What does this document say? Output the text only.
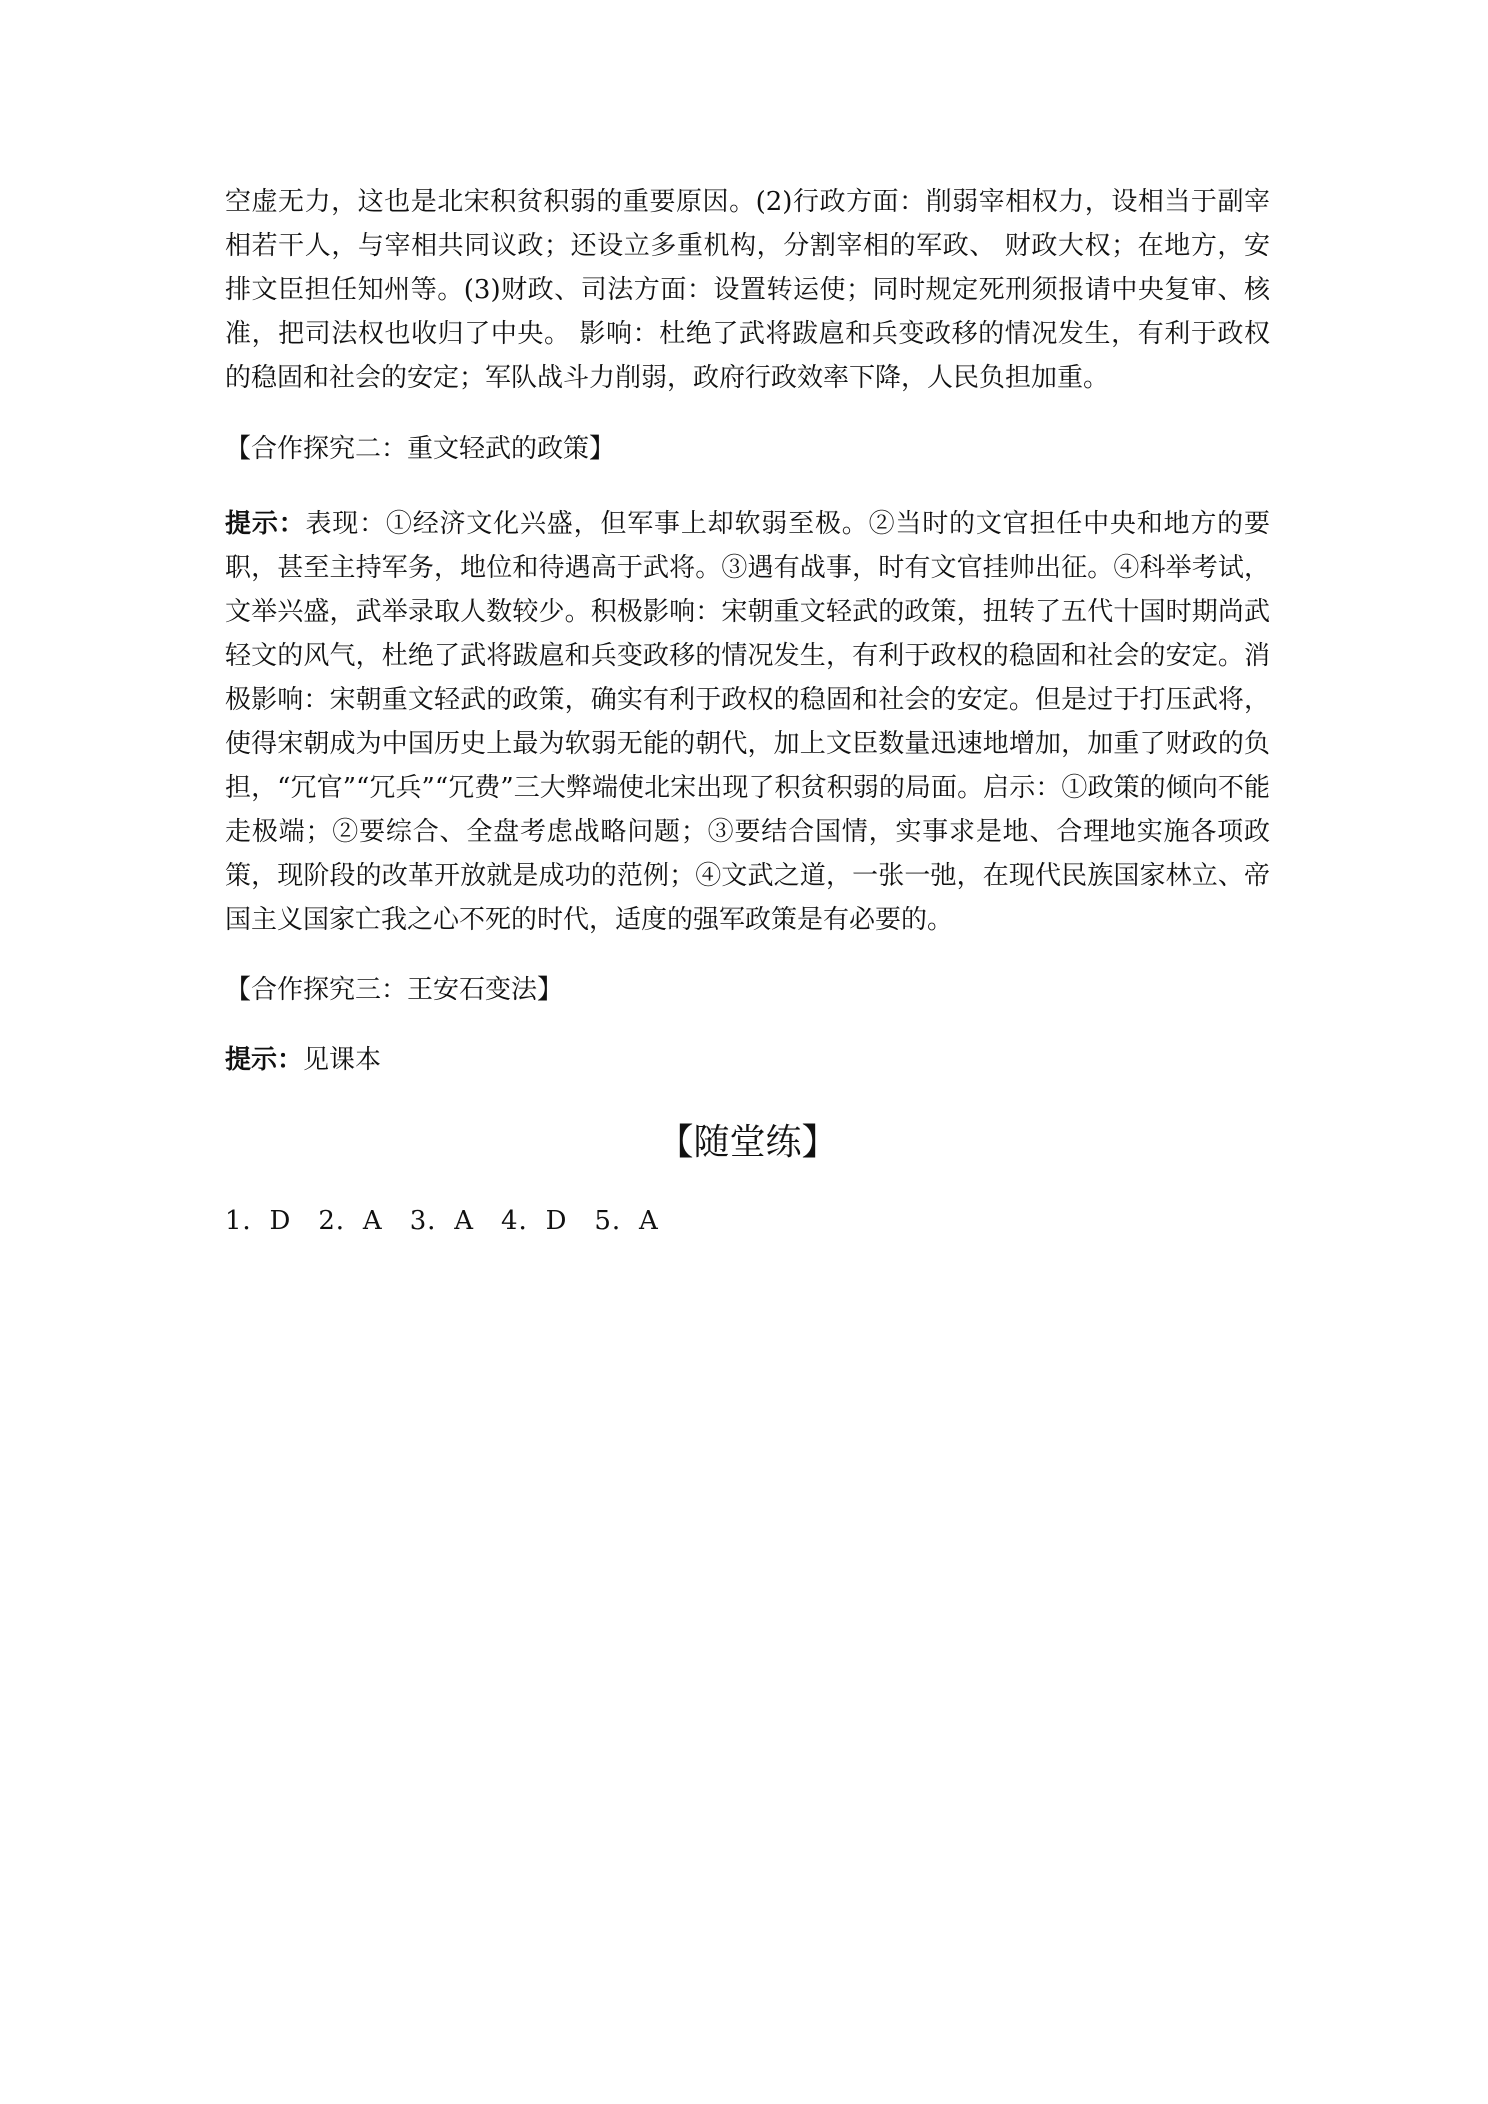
空虚无力，这也是北宋积贫积弱的重要原因。(2)行政方面：削弱宰相权力，设相当于副宰相若干人，与宰相共同议政；还设立多重机构，分割宰相的军政、 财政大权；在地方，安排文臣担任知州等。(3)财政、司法方面：设置转运使；同时规定死刑须报请中央复审、核准，把司法权也收归了中央。 影响：杜绝了武将跋扈和兵变政移的情况发生，有利于政权的稳固和社会的安定；军队战斗力削弱，政府行政效率下降，人民负担加重。

【合作探究二：重文轻武的政策】

提示：表现：①经济文化兴盛，但军事上却软弱至极。②当时的文官担任中央和地方的要职，甚至主持军务，地位和待遇高于武将。③遇有战事，时有文官挂帅出征。④科举考试，文举兴盛，武举录取人数较少。积极影响：宋朝重文轻武的政策，扭转了五代十国时期尚武轻文的风气，杜绝了武将跋扈和兵变政移的情况发生，有利于政权的稳固和社会的安定。消极影响：宋朝重文轻武的政策，确实有利于政权的稳固和社会的安定。但是过于打压武将，使得宋朝成为中国历史上最为软弱无能的朝代，加上文臣数量迅速地增加，加重了财政的负担，“冗官”“冗兵”“冗费”三大弊端使北宋出现了积贫积弱的局面。启示：①政策的倾向不能走极端；②要综合、全盘考虑战略问题；③要结合国情，实事求是地、合理地实施各项政策，现阶段的改革开放就是成功的范例；④文武之道，一张一弛，在现代民族国家林立、帝国主义国家亡我之心不死的时代，适度的强军政策是有必要的。

【合作探究三：王安石变法】

提示：见课本

【随堂练】

1．D　2．A　3．A　4．D　5．A
